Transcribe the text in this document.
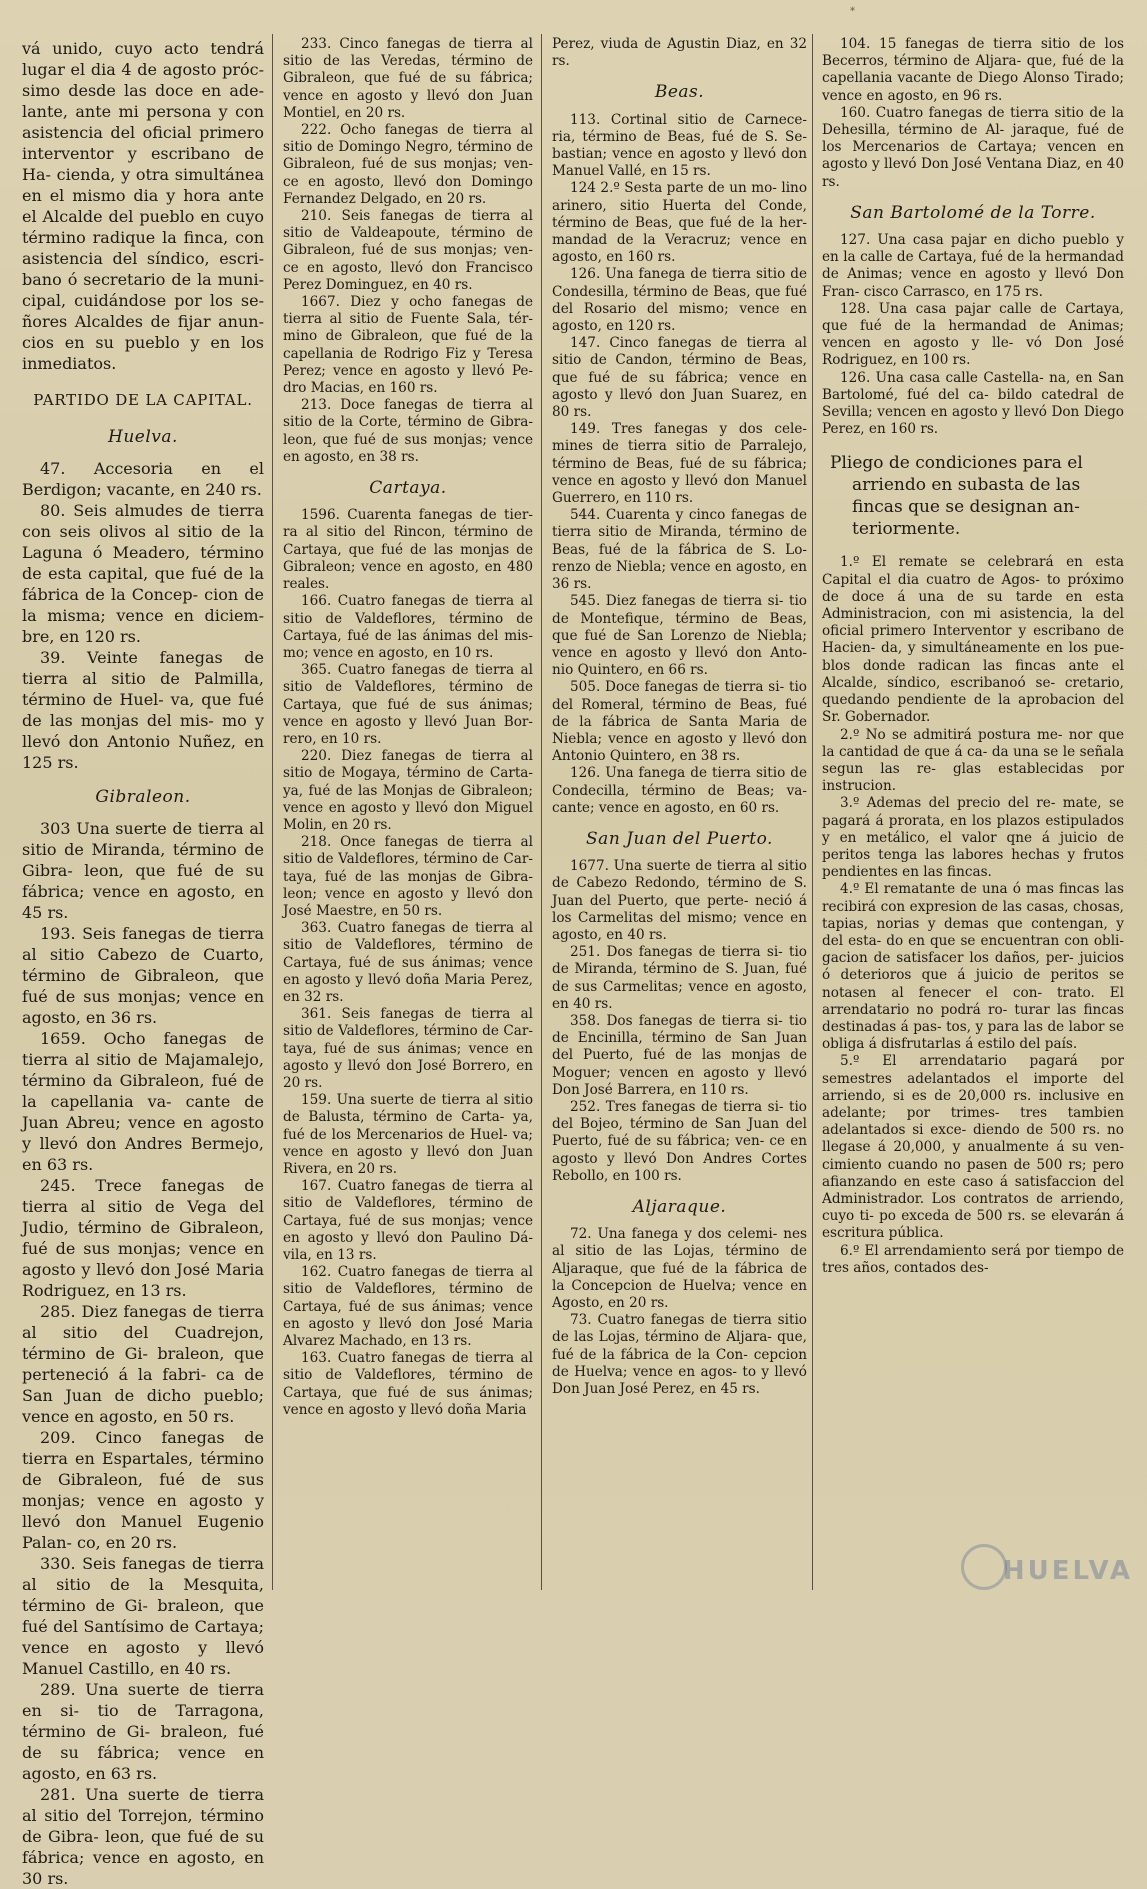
*

vá unido, cuyo acto tendrá lugar el dia 4 de agosto próc- simo desde las doce en ade- lante, ante mi persona y con asistencia del oficial primero interventor y escribano de Ha- cienda, y otra simultánea en el mismo dia y hora ante el Alcalde del pueblo en cuyo término radique la finca, con asistencia del síndico, escri- bano ó secretario de la muni- cipal, cuidándose por los se- ñores Alcaldes de fijar anun- cios en su pueblo y en los inmediatos.

PARTIDO DE LA CAPITAL.
Huelva.

47. Accesoria en el Berdigon; vacante, en 240 rs.

80. Seis almudes de tierra con seis olivos al sitio de la Laguna ó Meadero, término de esta capital, que fué de la fábrica de la Concep- cion de la misma; vence en diciem- bre, en 120 rs.

39. Veinte fanegas de tierra al sitio de Palmilla, término de Huel- va, que fué de las monjas del mis- mo y llevó don Antonio Nuñez, en 125 rs.

Gibraleon.

303 Una suerte de tierra al sitio de Miranda, término de Gibra- leon, que fué de su fábrica; vence en agosto, en 45 rs.

193. Seis fanegas de tierra al sitio Cabezo de Cuarto, término de Gibraleon, que fué de sus monjas; vence en agosto, en 36 rs.

1659. Ocho fanegas de tierra al sitio de Majamalejo, término da Gibraleon, fué de la capellania va- cante de Juan Abreu; vence en agosto y llevó don Andres Bermejo, en 63 rs.

245. Trece fanegas de tierra al sitio de Vega del Judio, término de Gibraleon, fué de sus monjas; vence en agosto y llevó don José Maria Rodriguez, en 13 rs.

285. Diez fanegas de tierra al sitio del Cuadrejon, término de Gi- braleon, que perteneció á la fabri- ca de San Juan de dicho pueblo; vence en agosto, en 50 rs.

209. Cinco fanegas de tierra en Espartales, término de Gibraleon, fué de sus monjas; vence en agosto y llevó don Manuel Eugenio Palan- co, en 20 rs.

330. Seis fanegas de tierra al sitio de la Mesquita, término de Gi- braleon, que fué del Santísimo de Cartaya; vence en agosto y llevó Manuel Castillo, en 40 rs.

289. Una suerte de tierra en si- tio de Tarragona, término de Gi- braleon, fué de su fábrica; vence en agosto, en 63 rs.

281. Una suerte de tierra al sitio del Torrejon, término de Gibra- leon, que fué de su fábrica; vence en agosto, en 30 rs.

233. Cinco fanegas de tierra al sitio de las Veredas, término de Gibraleon, que fué de su fábrica; vence en agosto y llevó don Juan Montiel, en 20 rs.

222. Ocho fanegas de tierra al sitio de Domingo Negro, término de Gibraleon, fué de sus monjas; ven- ce en agosto, llevó don Domingo Fernandez Delgado, en 20 rs.

210. Seis fanegas de tierra al sitio de Valdeapoute, término de Gibraleon, fué de sus monjas; ven- ce en agosto, llevó don Francisco Perez Dominguez, en 40 rs.

1667. Diez y ocho fanegas de tierra al sitio de Fuente Sala, tér- mino de Gibraleon, que fué de la capellania de Rodrigo Fiz y Teresa Perez; vence en agosto y llevó Pe- dro Macias, en 160 rs.

213. Doce fanegas de tierra al sitio de la Corte, término de Gibra- leon, que fué de sus monjas; vence en agosto, en 38 rs.

Cartaya.

1596. Cuarenta fanegas de tier- ra al sitio del Rincon, término de Cartaya, que fué de las monjas de Gibraleon; vence en agosto, en 480 reales.

166. Cuatro fanegas de tierra al sitio de Valdeflores, término de Cartaya, fué de las ánimas del mis- mo; vence en agosto, en 10 rs.

365. Cuatro fanegas de tierra al sitio de Valdeflores, término de Cartaya, que fué de sus ánimas; vence en agosto y llevó Juan Bor- rero, en 10 rs.

220. Diez fanegas de tierra al sitio de Mogaya, término de Carta- ya, fué de las Monjas de Gibraleon; vence en agosto y llevó don Miguel Molin, en 20 rs.

218. Once fanegas de tierra al sitio de Valdeflores, término de Car- taya, fué de las monjas de Gibra- leon; vence en agosto y llevó don José Maestre, en 50 rs.

363. Cuatro fanegas de tierra al sitio de Valdeflores, término de Cartaya, fué de sus ánimas; vence en agosto y llevó doña Maria Perez, en 32 rs.

361. Seis fanegas de tierra al sitio de Valdeflores, término de Car- taya, fué de sus ánimas; vence en agosto y llevó don José Borrero, en 20 rs.

159. Una suerte de tierra al sitio de Balusta, término de Carta- ya, fué de los Mercenarios de Huel- va; vence en agosto y llevó don Juan Rivera, en 20 rs.

167. Cuatro fanegas de tierra al sitio de Valdeflores, término de Cartaya, fué de sus monjas; vence en agosto y llevó don Paulino Dá- vila, en 13 rs.

162. Cuatro fanegas de tierra al sitio de Valdeflores, término de Cartaya, fué de sus ánimas; vence en agosto y llevó don José Maria Alvarez Machado, en 13 rs.

163. Cuatro fanegas de tierra al sitio de Valdeflores, término de Cartaya, que fué de sus ánimas; vence en agosto y llevó doña Maria

Perez, viuda de Agustin Diaz, en 32 rs.

Beas.

113. Cortinal sitio de Carnece- ria, término de Beas, fué de S. Se- bastian; vence en agosto y llevó don Manuel Vallé, en 15 rs.

124 2.º Sesta parte de un mo- lino arinero, sitio Huerta del Conde, término de Beas, que fué de la her- mandad de la Veracruz; vence en agosto, en 160 rs.

126. Una fanega de tierra sitio de Condesilla, término de Beas, que fué del Rosario del mismo; vence en agosto, en 120 rs.

147. Cinco fanegas de tierra al sitio de Candon, término de Beas, que fué de su fábrica; vence en agosto y llevó don Juan Suarez, en 80 rs.

149. Tres fanegas y dos cele- mines de tierra sitio de Parralejo, término de Beas, fué de su fábrica; vence en agosto y llevó don Manuel Guerrero, en 110 rs.

544. Cuarenta y cinco fanegas de tierra sitio de Miranda, término de Beas, fué de la fábrica de S. Lo- renzo de Niebla; vence en agosto, en 36 rs.

545. Diez fanegas de tierra si- tio de Montefique, término de Beas, que fué de San Lorenzo de Niebla; vence en agosto y llevó don Anto- nio Quintero, en 66 rs.

505. Doce fanegas de tierra si- tio del Romeral, término de Beas, fué de la fábrica de Santa Maria de Niebla; vence en agosto y llevó don Antonio Quintero, en 38 rs.

126. Una fanega de tierra sitio de Condecilla, término de Beas; va- cante; vence en agosto, en 60 rs.

San Juan del Puerto.

1677. Una suerte de tierra al sitio de Cabezo Redondo, término de S. Juan del Puerto, que perte- neció á los Carmelitas del mismo; vence en agosto, en 40 rs.

251. Dos fanegas de tierra si- tio de Miranda, término de S. Juan, fué de sus Carmelitas; vence en agosto, en 40 rs.

358. Dos fanegas de tierra si- tio de Encinilla, término de San Juan del Puerto, fué de las monjas de Moguer; vencen en agosto y llevó Don José Barrera, en 110 rs.

252. Tres fanegas de tierra si- tio del Bojeo, término de San Juan del Puerto, fué de su fábrica; ven- ce en agosto y llevó Don Andres Cortes Rebollo, en 100 rs.

Aljaraque.

72. Una fanega y dos celemi- nes al sitio de las Lojas, término de Aljaraque, que fué de la fábrica de la Concepcion de Huelva; vence en Agosto, en 20 rs.

73. Cuatro fanegas de tierra sitio de las Lojas, término de Aljara- que, fué de la fábrica de la Con- cepcion de Huelva; vence en agos- to y llevó Don Juan José Perez, en 45 rs.

104. 15 fanegas de tierra sitio de los Becerros, término de Aljara- que, fué de la capellania vacante de Diego Alonso Tirado; vence en agosto, en 96 rs.

160. Cuatro fanegas de tierra sitio de la Dehesilla, término de Al- jaraque, fué de los Mercenarios de Cartaya; vencen en agosto y llevó Don José Ventana Diaz, en 40 rs.

San Bartolomé de la Torre.

127. Una casa pajar en dicho pueblo y en la calle de Cartaya, fué de la hermandad de Animas; vence en agosto y llevó Don Fran- cisco Carrasco, en 175 rs.

128. Una casa pajar calle de Cartaya, que fué de la hermandad de Animas; vencen en agosto y lle- vó Don José Rodriguez, en 100 rs.

126. Una casa calle Castella- na, en San Bartolomé, fué del ca- bildo catedral de Sevilla; vencen en agosto y llevó Don Diego Perez, en 160 rs.

Pliego de condiciones para el
arriendo en subasta de las
fincas que se designan an-
teriormente.

1.º El remate se celebrará en esta Capital el dia cuatro de Agos- to próximo de doce á una de su tarde en esta Administracion, con mi asistencia, la del oficial primero Interventor y escribano de Hacien- da, y simultáneamente en los pue- blos donde radican las fincas ante el Alcalde, síndico, escribanoó se- cretario, quedando pendiente de la aprobacion del Sr. Gobernador.

2.º No se admitirá postura me- nor que la cantidad de que á ca- da una se le señala segun las re- glas establecidas por instrucion.

3.º Ademas del precio del re- mate, se pagará á prorata, en los plazos estipulados y en metálico, el valor qne á juicio de peritos tenga las labores hechas y frutos pendientes en las fincas.

4.º El rematante de una ó mas fincas las recibirá con expresion de las casas, chosas, tapias, norias y demas que contengan, y del esta- do en que se encuentran con obli- gacion de satisfacer los daños, per- juicios ó deterioros que á juicio de peritos se notasen al fenecer el con- trato. El arrendatario no podrá ro- turar las fincas destinadas á pas- tos, y para las de labor se obliga á disfrutarlas á estilo del país.

5.º El arrendatario pagará por semestres adelantados el importe del arriendo, si es de 20,000 rs. inclusive en adelante; por trimes- tres tambien adelantados si exce- diendo de 500 rs. no llegase á 20,000, y anualmente á su ven- cimiento cuando no pasen de 500 rs; pero afianzando en este caso á satisfaccion del Administrador. Los contratos de arriendo, cuyo ti- po exceda de 500 rs. se elevarán á escritura pública.

6.º El arrendamiento será por tiempo de tres años, contados des-

HUELVA
